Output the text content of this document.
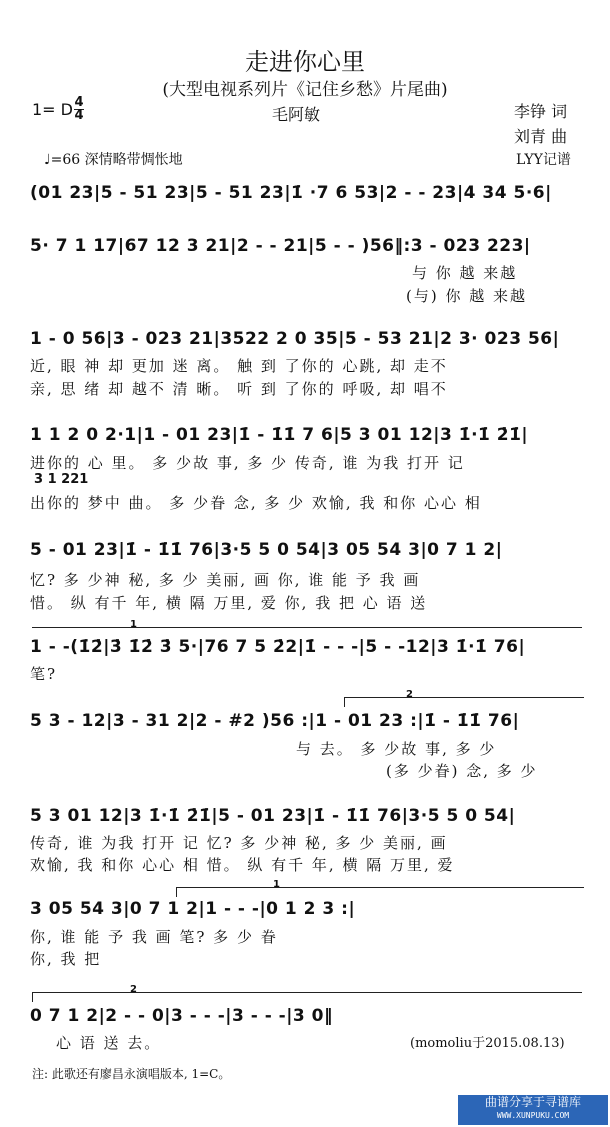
走进你心里
(大型电视系列片《记住乡愁》片尾曲)
1= D 4
4	毛阿敏	李铮 词
刘青 曲
♩=66 深情略带惆怅地	LYY记谱
(01 23|5 - 51 23|5 - 51 23|1̇ ·7 6 53|2 - - 23|4 34 5·6|
5· 7 1 17|67 12 3 21|2 - - 21|5 - - )56‖:3 - 023 223|
与 你 越 来越
(与) 你 越 来越
1 - 0 56|3 - 023 21|3522 2 0 35|5 - 53 21|2 3· 023 56|
近, 眼 神 却 更加 迷 离。 触 到 了你的 心跳, 却 走不
亲, 思 绪 却 越不 清 晰。 听 到 了你的 呼吸, 却 唱不
1 1 2 0 2·1|1 - 01 23|1̇ - 1̇1̇ 7 6|5 3 01 12|3 1̇·1̇ 2̇1̇|
进你的 心 里。 多 少故 事, 多 少 传奇, 谁 为我 打开 记
3 1 221
出你的 梦中 曲。 多 少眷 念, 多 少 欢愉, 我 和你 心心 相
5 - 01 23|1̇ - 1̇1̇ 76|3·5 5 0 54|3 05 54 3|0 7 1 2|
忆? 多 少神 秘, 多 少 美丽, 画 你, 谁 能 予 我 画
惜。 纵 有千 年, 横 隔 万里, 爱 你, 我 把 心 语 送
1
1 - -(1̇2̇|3̇ 1̇2̇ 3̇ 5·|76 7 5 2̇2|1̇ - - -|5 - -12|3 1̇·1̇ 76|
笔?
2
5 3 - 12|3 - 31 2|2 - #2 )56 :|1 - 01 23 :|1̇ - 1̇1̇ 76|
与 去。 多 少故 事, 多 少
(多 少眷) 念, 多 少
5 3 01 12|3 1̇·1̇ 2̇1̇|5 - 01 23|1̇ - 1̇1̇ 76|3·5 5 0 54|
传奇, 谁 为我 打开 记 忆? 多 少神 秘, 多 少 美丽, 画
欢愉, 我 和你 心心 相 惜。 纵 有千 年, 横 隔 万里, 爱
1
3 05 54 3|0 7 1 2|1 - - -|0 1 2 3 :|
你, 谁 能 予 我 画 笔? 多 少 眷
你, 我 把
2
0 7 1 2|2 - - 0|3 - - -|3 - - -|3 0‖
心 语 送 去。	(momoliu于2015.08.13)
注: 此歌还有廖昌永演唱版本, 1=C。
曲谱分享于寻谱库
WWW.XUNPUKU.COM
